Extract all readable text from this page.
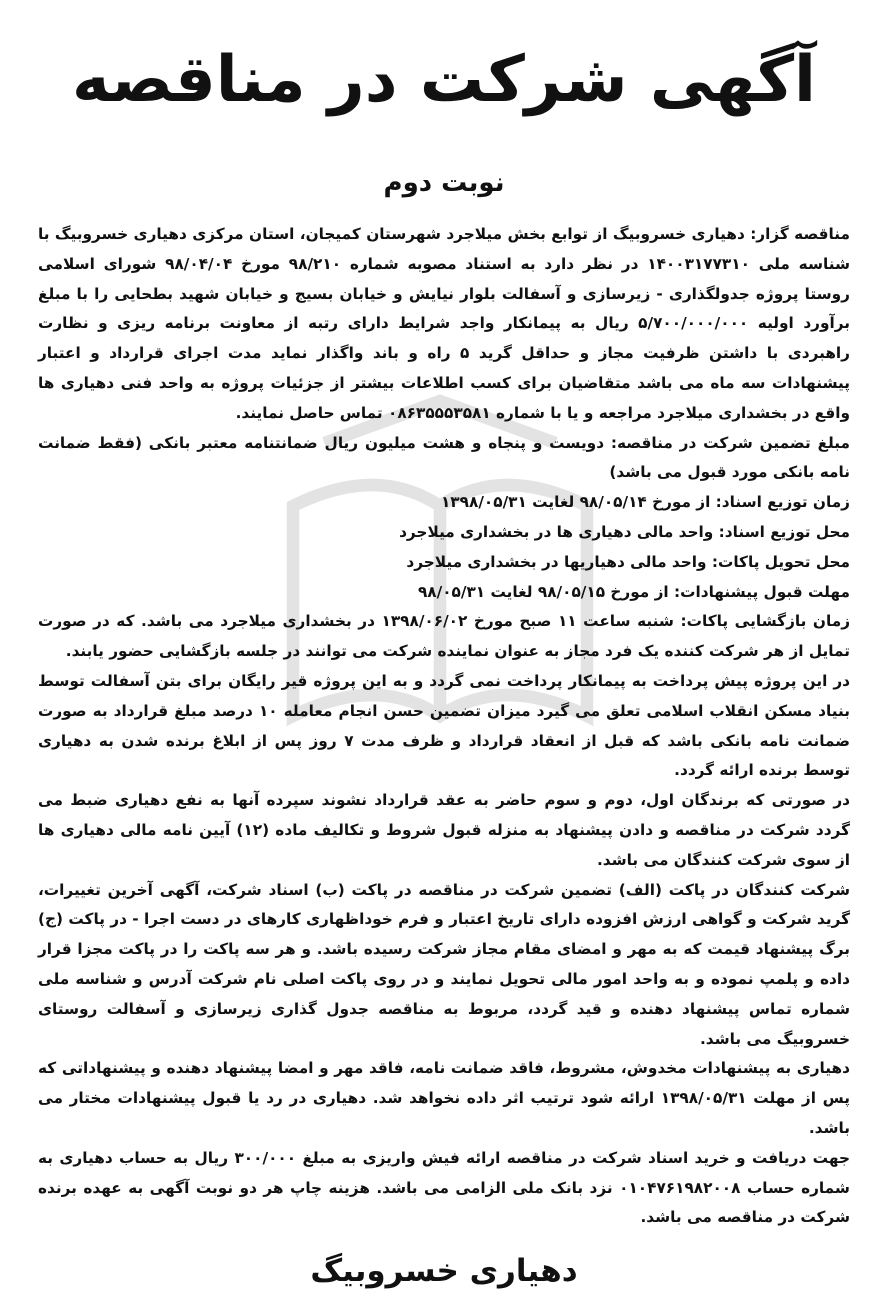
آگهی شرکت در مناقصه
نوبت دوم

مناقصه گزار: دهیاری خسروبیگ از توابع بخش میلاجرد شهرستان کمیجان، استان مرکزی دهیاری خسروبیگ با شناسه ملی ۱۴۰۰۳۱۷۷۳۱۰ در نظر دارد به استناد مصوبه شماره ۹۸/۲۱۰ مورخ ۹۸/۰۴/۰۴ شورای اسلامی روستا پروژه جدولگذاری - زیرسازی و آسفالت بلوار نیایش و خیابان بسیج و خیابان شهید بطحایی را با مبلغ برآورد اولیه ۵/۷۰۰/۰۰۰/۰۰۰ ریال به پیمانکار واجد شرایط دارای رتبه از معاونت برنامه ریزی و نظارت راهبردی با داشتن ظرفیت مجاز و حداقل گرید ۵ راه و باند واگذار نماید مدت اجرای قرارداد و اعتبار پیشنهادات سه ماه می باشد متقاضیان برای کسب اطلاعات بیشتر از جزئیات پروژه به واحد فنی دهیاری ها واقع در بخشداری میلاجرد مراجعه و یا با شماره ۰۸۶۳۵۵۵۳۵۸۱ تماس حاصل نمایند.

مبلغ تضمین شرکت در مناقصه: دویست و پنجاه و هشت میلیون ریال ضمانتنامه معتبر بانکی (فقط ضمانت نامه بانکی مورد قبول می باشد)

زمان توزیع اسناد: از مورخ ۹۸/۰۵/۱۴ لغایت ۱۳۹۸/۰۵/۳۱

محل توزیع اسناد: واحد مالی دهیاری ها در بخشداری میلاجرد

محل تحویل پاکات: واحد مالی دهیاریها در بخشداری میلاجرد

مهلت قبول پیشنهادات: از مورخ ۹۸/۰۵/۱۵ لغایت ۹۸/۰۵/۳۱

زمان بازگشایی پاکات: شنبه ساعت ۱۱ صبح مورخ ۱۳۹۸/۰۶/۰۲ در بخشداری میلاجرد می باشد. که در صورت تمایل از هر شرکت کننده یک فرد مجاز به عنوان نماینده شرکت می توانند در جلسه بازگشایی حضور یابند.

در این پروژه پیش پرداخت به پیمانکار پرداخت نمی گردد و به این پروژه قیر رایگان برای بتن آسفالت توسط بنیاد مسکن انقلاب اسلامی تعلق می گیرد میزان تضمین حسن انجام معامله ۱۰ درصد مبلغ قرارداد به صورت ضمانت نامه بانکی باشد که قبل از انعقاد قرارداد و ظرف مدت ۷ روز پس از ابلاغ برنده شدن به دهیاری توسط برنده ارائه گردد.

در صورتی که برندگان اول، دوم و سوم حاضر به عقد قرارداد نشوند سپرده آنها به نفع دهیاری ضبط می گردد شرکت در مناقصه و دادن پیشنهاد به منزله قبول شروط و تکالیف ماده (۱۲) آیین نامه مالی دهیاری ها از سوی شرکت کنندگان می باشد.

شرکت کنندگان در پاکت (الف) تضمین شرکت در مناقصه در پاکت (ب) اسناد شرکت، آگهی آخرین تغییرات، گرید شرکت و گواهی ارزش افزوده دارای تاریخ اعتبار و فرم خوداظهاری کارهای در دست اجرا - در پاکت (ج) برگ پیشنهاد قیمت که به مهر و امضای مقام مجاز شرکت رسیده باشد. و هر سه پاکت را در پاکت مجزا قرار داده و پلمپ نموده و به واحد امور مالی تحویل نمایند و در روی پاکت اصلی نام شرکت آدرس و شناسه ملی شماره تماس پیشنهاد دهنده و قید گردد، مربوط به مناقصه جدول گذاری زیرسازی و آسفالت روستای خسروبیگ می باشد.

دهیاری به پیشنهادات مخدوش، مشروط، فاقد ضمانت نامه، فاقد مهر و امضا پیشنهاد دهنده و پیشنهاداتی که پس از مهلت ۱۳۹۸/۰۵/۳۱ ارائه شود ترتیب اثر داده نخواهد شد. دهیاری در رد یا قبول پیشنهادات مختار می باشد.

جهت دریافت و خرید اسناد شرکت در مناقصه ارائه فیش واریزی به مبلغ ۳۰۰/۰۰۰ ریال به حساب دهیاری به شماره حساب ۰۱۰۴۷۶۱۹۸۲۰۰۸ نزد بانک ملی الزامی می باشد. هزینه چاپ هر دو نوبت آگهی به عهده برنده شرکت در مناقصه می باشد.

دهیاری خسروبیگ
